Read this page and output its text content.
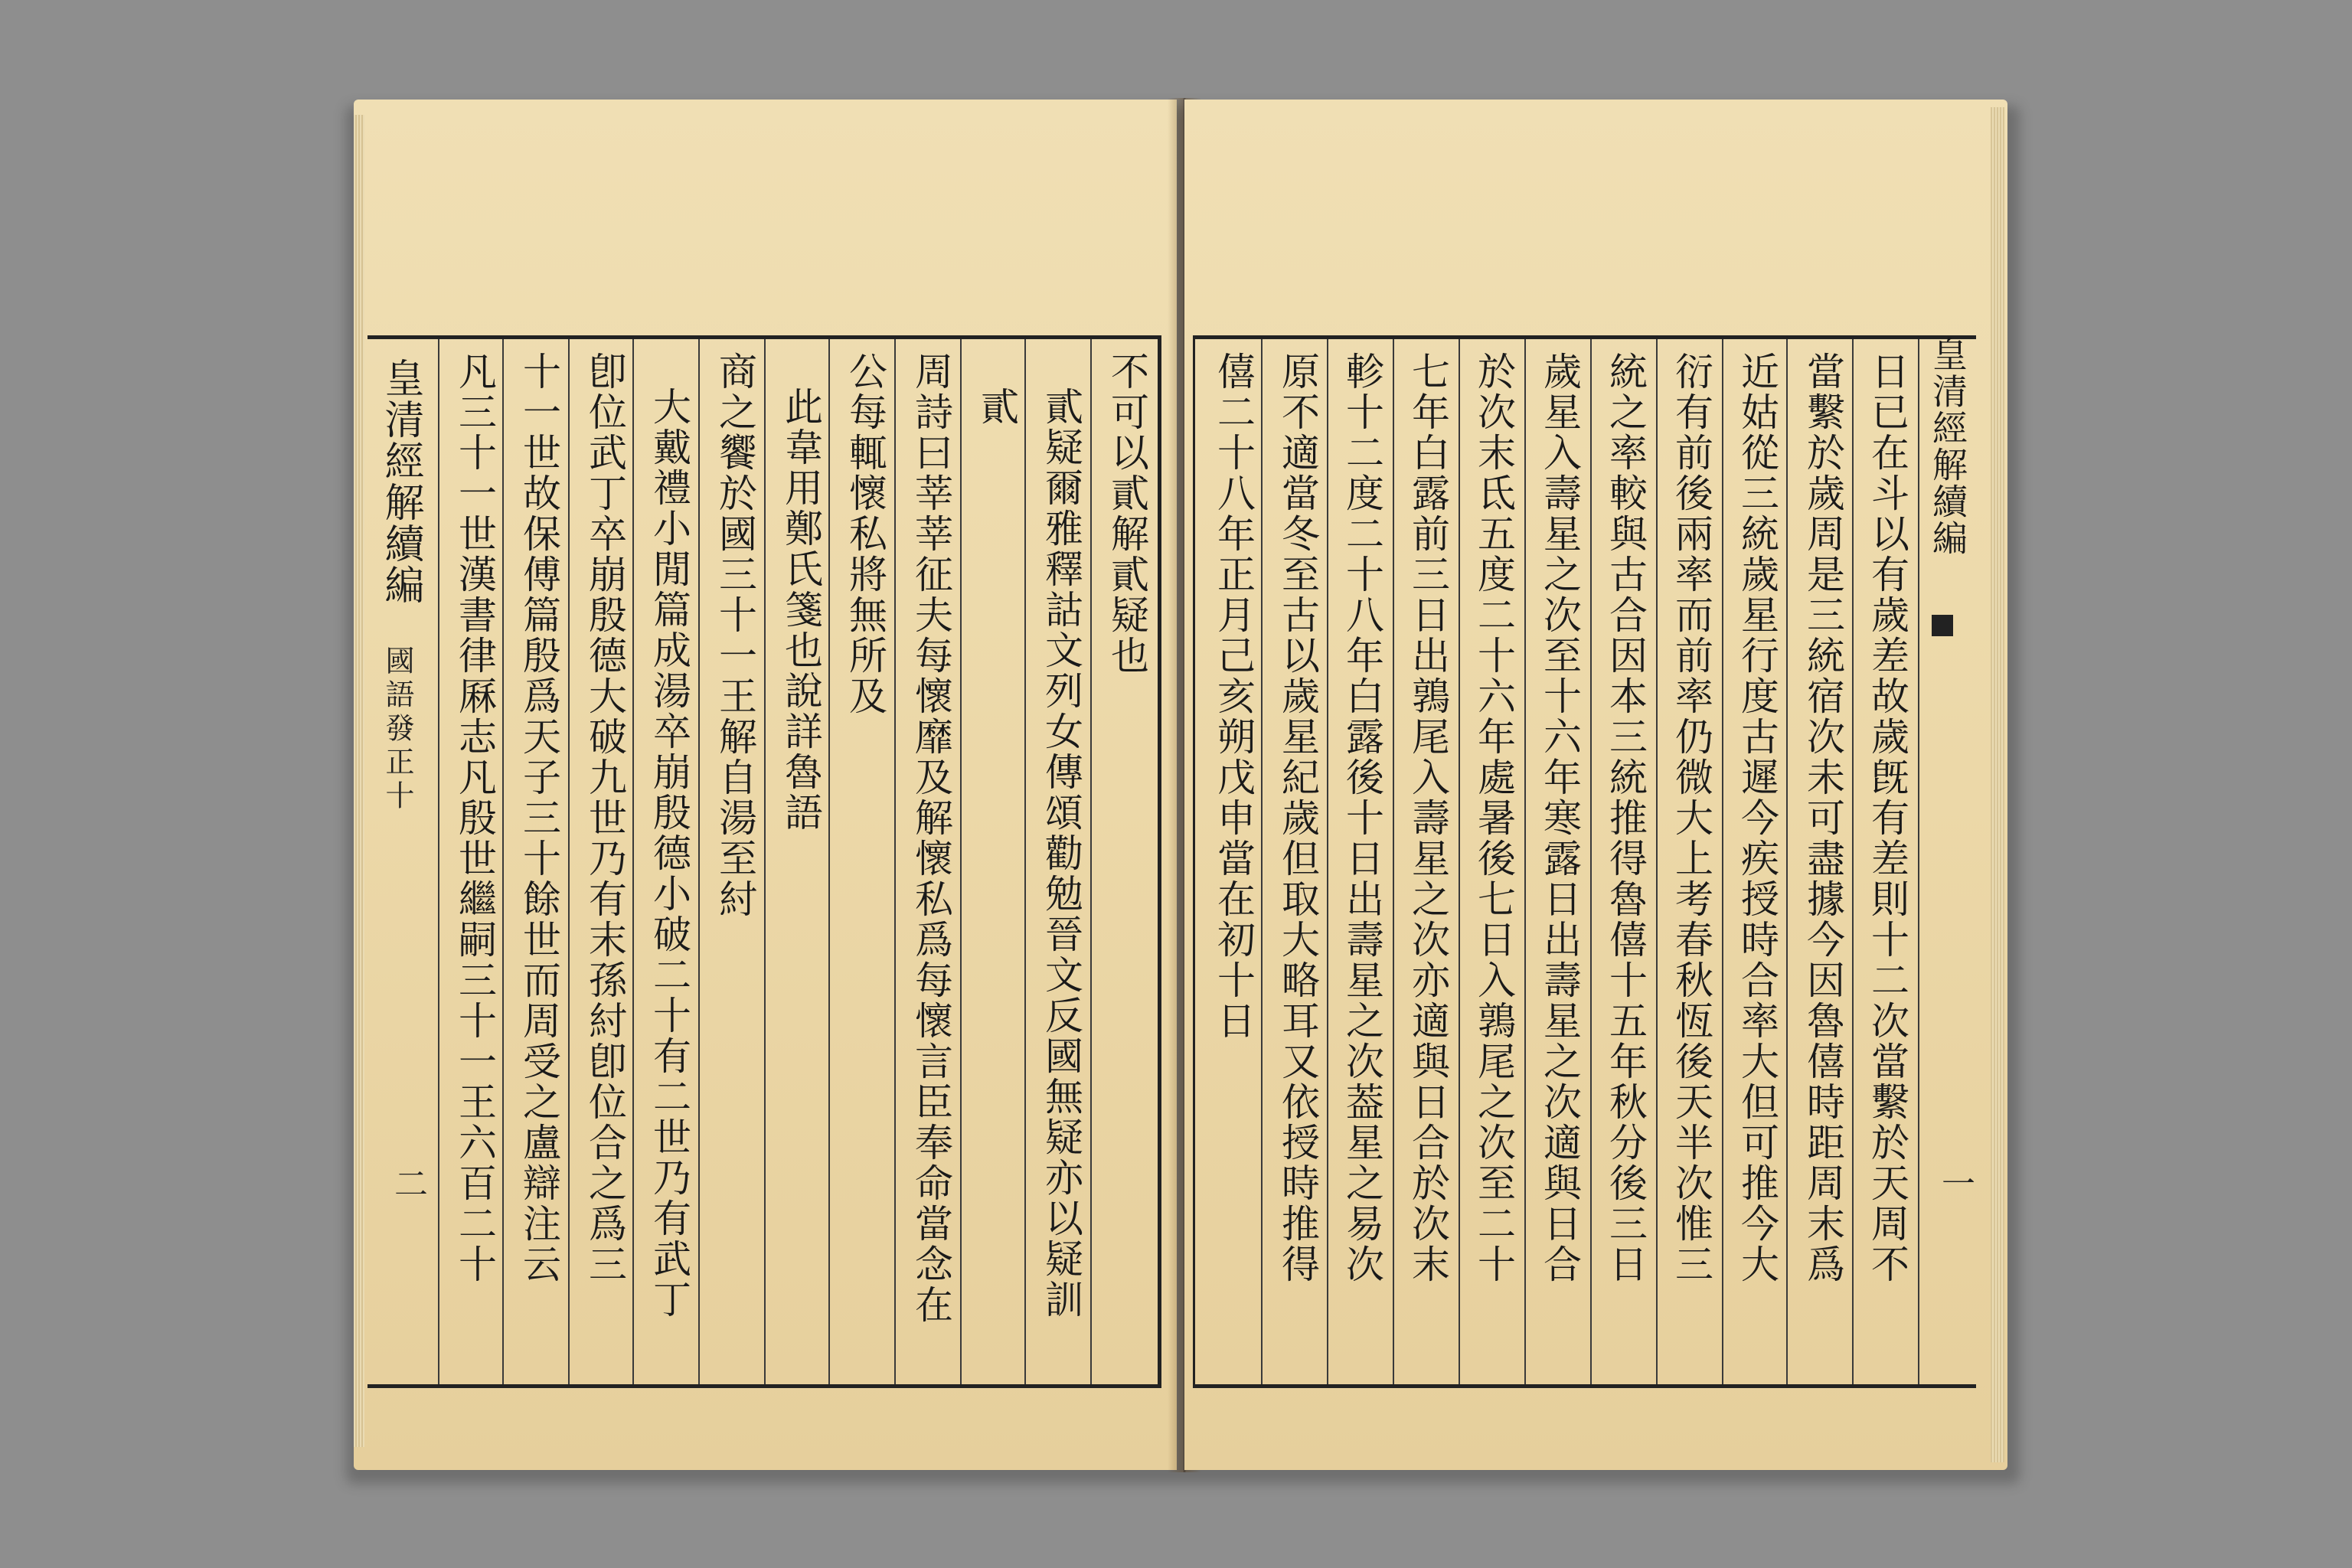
皇清經解續編
國語發正十
二
不可以貳解貳疑也
貳疑爾雅釋詁文列女傳頌勸勉晉文反國無疑亦以疑訓
貳
周詩曰莘莘征夫每懷靡及解懷私爲每懷言臣奉命當念在
公每輒懷私將無所及
此韋用鄭氏箋也說詳魯語
商之饗於國三十一王解自湯至紂
大戴禮小閒篇成湯卒崩殷德小破二十有二世乃有武丁
卽位武丁卒崩殷德大破九世乃有末孫紂卽位合之爲三
十一世故保傅篇殷爲天子三十餘世而周受之盧辯注云
凡三十一世漢書律厤志凡殷世繼嗣三十一王六百二十	日已在斗以有歲差故歲旣有差則十二次當繫於天周不
當繫於歲周是三統宿次未可盡據今因魯僖時距周末爲
近姑從三統歲星行度古遲今疾授時合率大但可推今大
衍有前後兩率而前率仍微大上考春秋恆後天半次惟三
統之率較與古合因本三統推得魯僖十五年秋分後三日
歲星入壽星之次至十六年寒露日出壽星之次適與日合
於次末氐五度二十六年處暑後七日入鶉尾之次至二十
七年白露前三日出鶉尾入壽星之次亦適與日合於次末
軫十二度二十八年白露後十日出壽星之次葢星之易次
原不適當冬至古以歲星紀歲但取大略耳又依授時推得
僖二十八年正月己亥朔戊申當在初十日	皇清經解續編
一
